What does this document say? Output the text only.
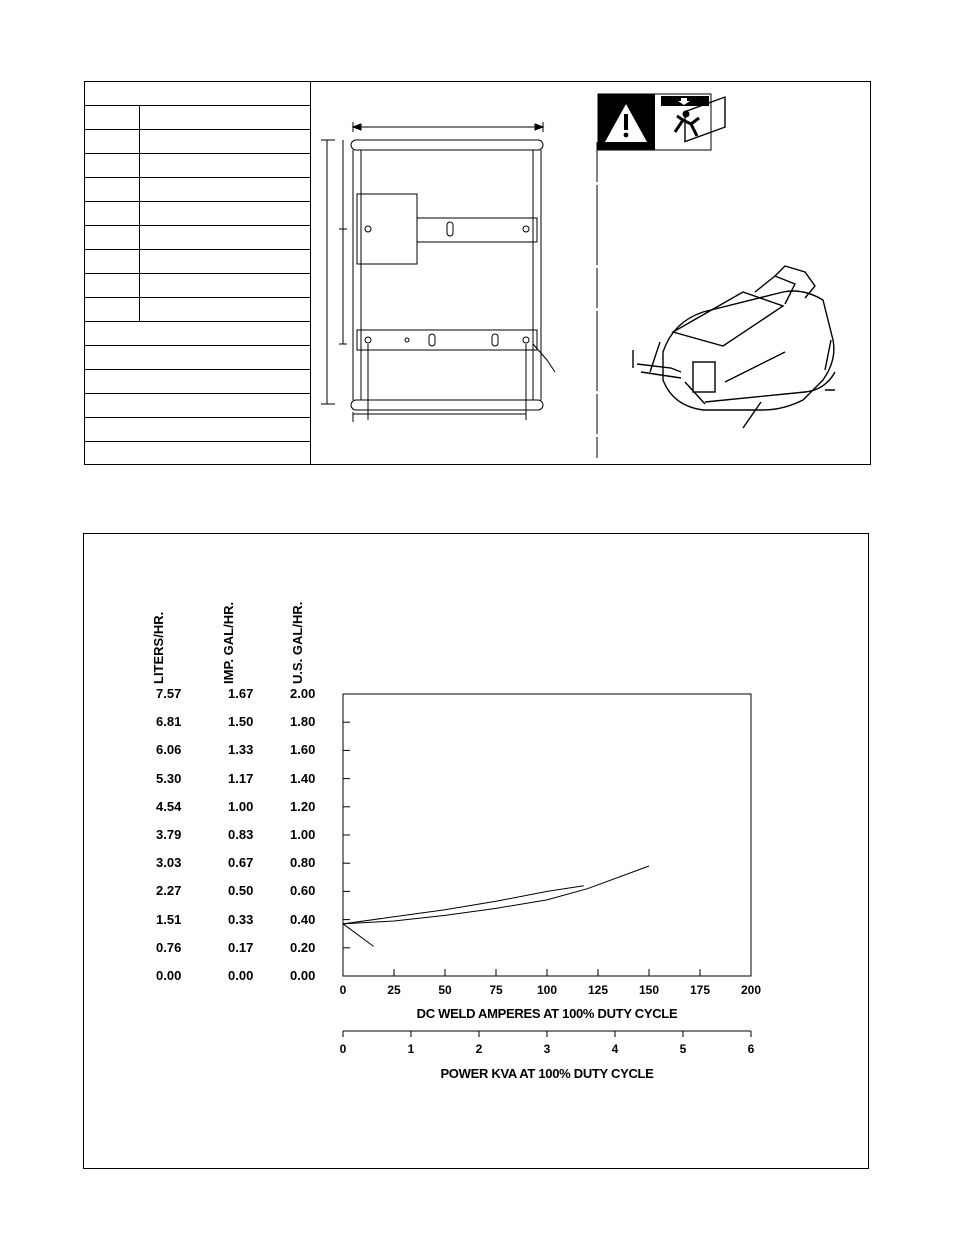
LITERS/HR.	IMP. GAL/HR.	U.S. GAL/HR.
7.57	1.67	2.00
6.81	1.50	1.80
6.06	1.33	1.60
5.30	1.17	1.40
4.54	1.00	1.20
3.79	0.83	1.00
3.03	0.67	0.80
2.27	0.50	0.60
1.51	0.33	0.40
0.76	0.17	0.20
0.00	0.00	0.00
0	25	50	75	100	125	150	175	200
DC WELD AMPERES AT 100% DUTY CYCLE
0	1	2	3	4	5	6
POWER KVA AT 100% DUTY CYCLE
